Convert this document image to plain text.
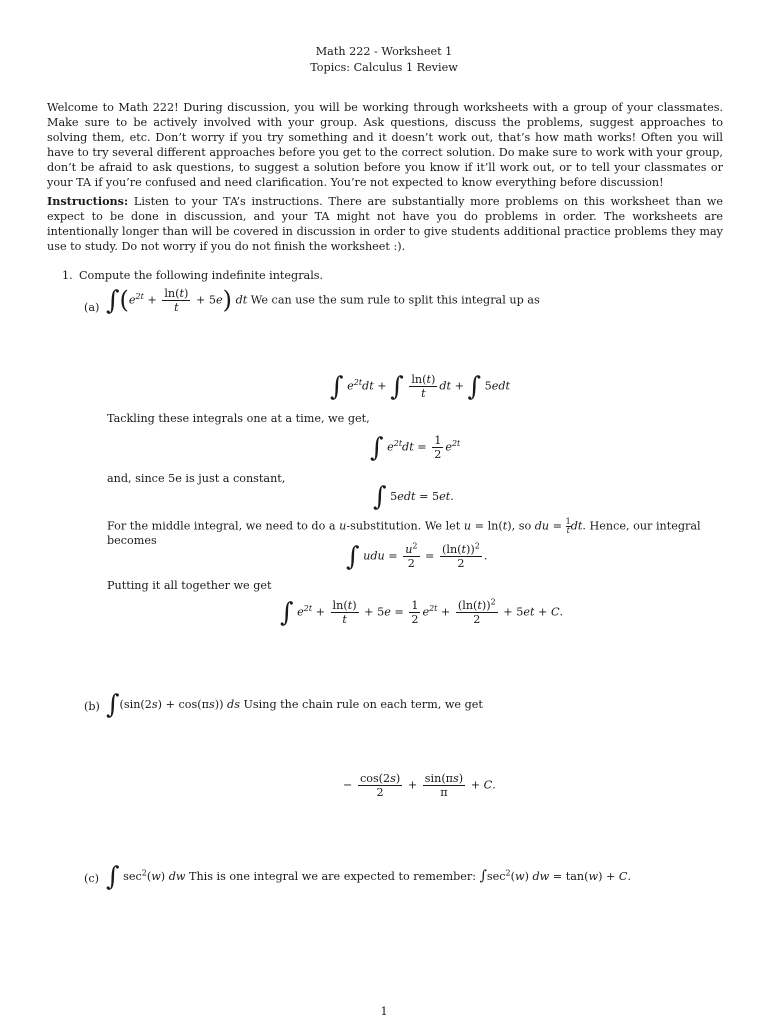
Math 222 - Worksheet 1
Topics: Calculus 1 Review
Welcome to Math 222! During discussion, you will be working through worksheets with a group of your classmates. Make sure to be actively involved with your group. Ask questions, discuss the problems, suggest approaches to solving them, etc. Don’t worry if you try something and it doesn’t work out, that’s how math works! Often you will have to try several different approaches before you get to the correct solution. Do make sure to work with your group, don’t be afraid to ask questions, to suggest a solution before you know if it’ll work out, or to tell your classmates or your TA if you’re confused and need clarification. You’re not expected to know everything before discussion!
Instructions: Listen to your TA’s instructions. There are substantially more problems on this worksheet than we expect to be done in discussion, and your TA might not have you do problems in order. The worksheets are intentionally longer than will be covered in discussion in order to give students additional practice problems they may use to study. Do not worry if you do not finish the worksheet :).
1. Compute the following indefinite integrals.
(a) $\int(e^{2t} + \frac{\ln(t)}{t} + 5e)$ dt We can use the sum rule to split this integral up as
∫ $e^{2t}dt$ + ∫ $\frac{\ln(t)}{t}$ dt + ∫ 5edt
Tackling these integrals one at a time, we get,
∫ $e^{2t}dt = \frac{1}{2} e^{2t}$
and, since 5e is just a constant,
∫ 5edt = 5et.
For the middle integral, we need to do a u-substitution. We let u = ln(t), so du = $\frac{1}{t}$ dt. Hence, our integral
becomes
∫ udu = $\frac{u^2}{2} = \frac{(\ln(t))^2}{2}$ .
Putting it all together we get
∫ $e^{2t} + \frac{\ln(t)}{t} + 5e = \frac{1}{2} e^{2t} + \frac{(\ln(t))^2}{2} + 5et + C$.
(b) ∫(sin(2s) + cos(πs)) ds Using the chain rule on each term, we get
− $\frac{\cos(2s)}{2} + \frac{\sin(\pi s)}{\pi} + C$.
(c) ∫ $\sec^2(w)$ dw This is one integral we are expected to remember: $\int\sec^2(w)$ dw = tan(w) + C.
1
